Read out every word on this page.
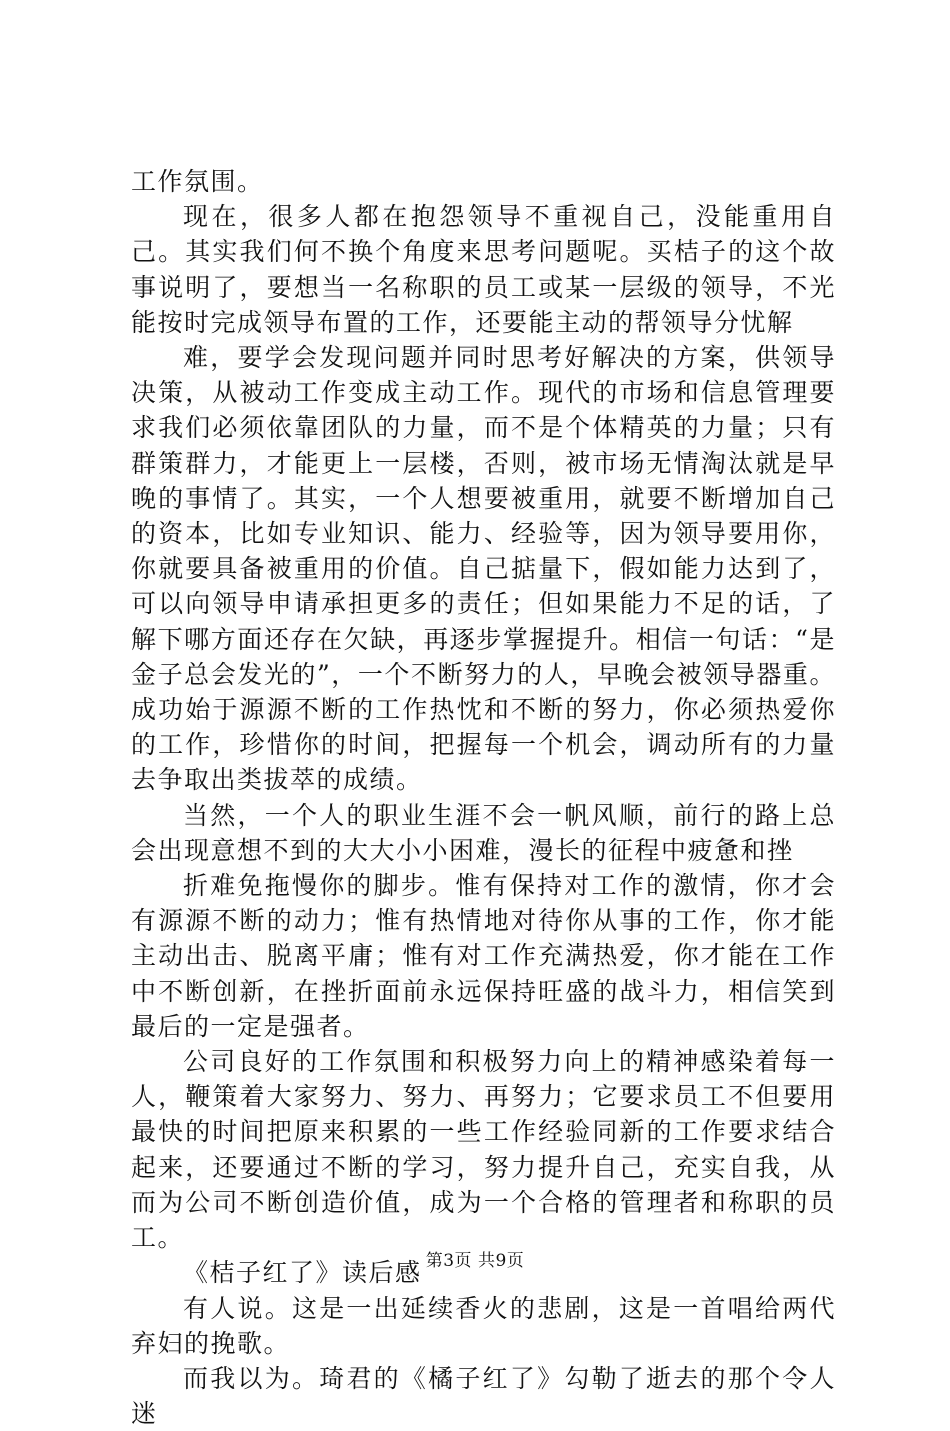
工作氛围。

现在，很多人都在抱怨领导不重视自己，没能重用自己。其实我们何不换个角度来思考问题呢。买桔子的这个故事说明了，要想当一名称职的员工或某一层级的领导，不光能按时完成领导布置的工作，还要能主动的帮领导分忧解

难，要学会发现问题并同时思考好解决的方案，供领导决策，从被动工作变成主动工作。现代的市场和信息管理要求我们必须依靠团队的力量，而不是个体精英的力量；只有群策群力，才能更上一层楼，否则，被市场无情淘汰就是早晚的事情了。其实，一个人想要被重用，就要不断增加自己的资本，比如专业知识、能力、经验等，因为领导要用你，你就要具备被重用的价值。自己掂量下，假如能力达到了，可以向领导申请承担更多的责任；但如果能力不足的话，了解下哪方面还存在欠缺，再逐步掌握提升。相信一句话：“是金子总会发光的”，一个不断努力的人，早晚会被领导器重。成功始于源源不断的工作热忱和不断的努力，你必须热爱你的工作，珍惜你的时间，把握每一个机会，调动所有的力量去争取出类拔萃的成绩。

当然，一个人的职业生涯不会一帆风顺，前行的路上总会出现意想不到的大大小小困难，漫长的征程中疲惫和挫

折难免拖慢你的脚步。惟有保持对工作的激情，你才会有源源不断的动力；惟有热情地对待你从事的工作，你才能主动出击、脱离平庸；惟有对工作充满热爱，你才能在工作中不断创新，在挫折面前永远保持旺盛的战斗力，相信笑到最后的一定是强者。

公司良好的工作氛围和积极努力向上的精神感染着每一人，鞭策着大家努力、努力、再努力；它要求员工不但要用最快的时间把原来积累的一些工作经验同新的工作要求结合起来，还要通过不断的学习，努力提升自己，充实自我，从而为公司不断创造价值，成为一个合格的管理者和称职的员工。

《桔子红了》读后感

有人说。这是一出延续香火的悲剧，这是一首唱给两代弃妇的挽歌。

而我以为。琦君的《橘子红了》勾勒了逝去的那个令人迷

第3页 共9页
